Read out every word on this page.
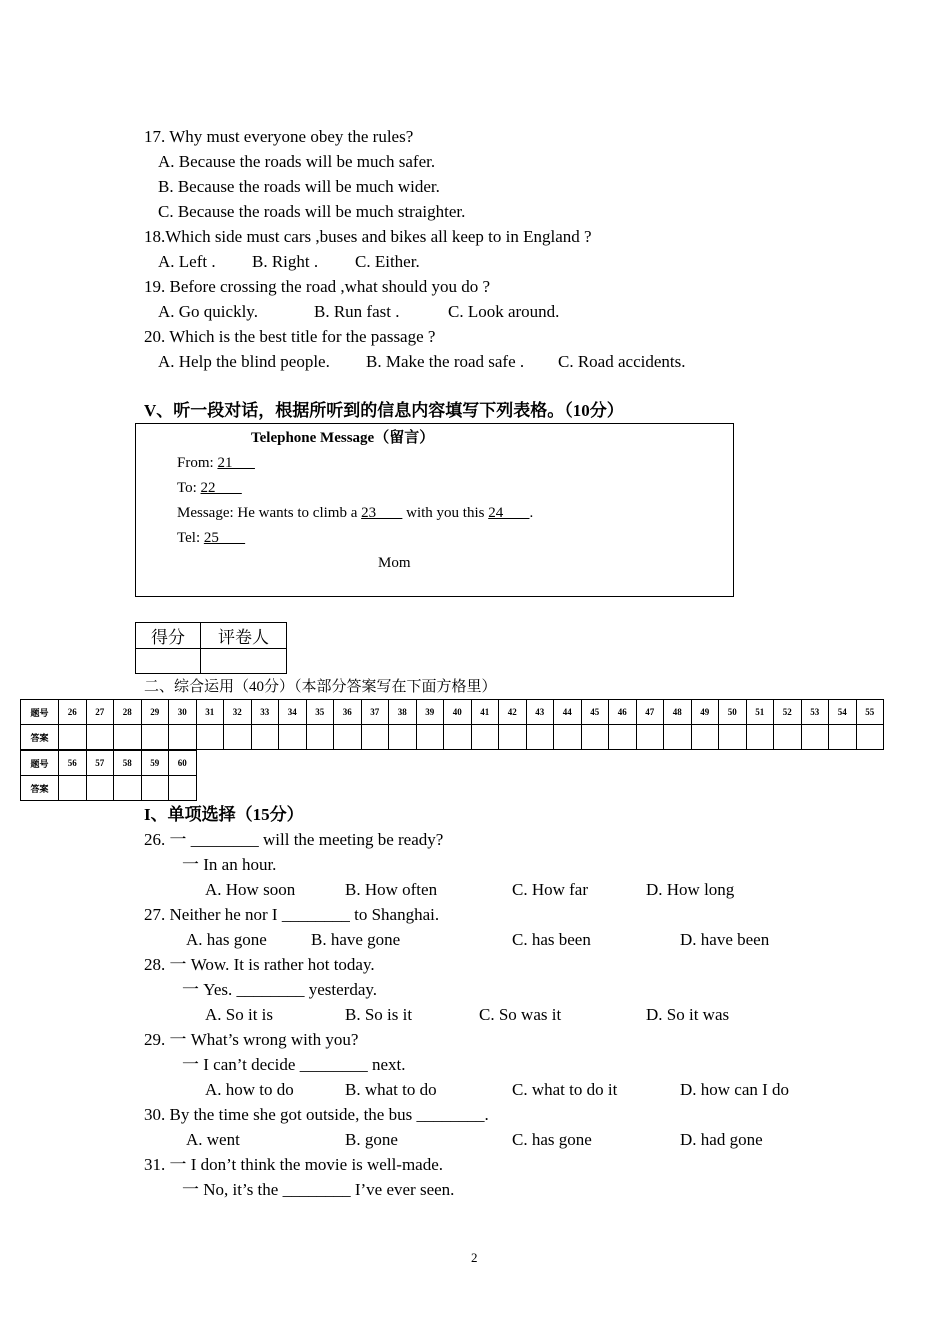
17. Why must everyone obey the rules?
A. Because the roads will be much safer.
B. Because the roads will be much wider.
C. Because the roads will be much straighter.
18.Which side must cars ,buses and bikes all keep to in England ?
A. Left . B. Right . C. Either.
19. Before crossing the road ,what should you do ?
A. Go quickly.	B. Run fast .	C. Look around.
20. Which is the best title for the passage ?
A. Help the blind people. B. Make the road safe . C. Road accidents.
V、听一段对话，根据所听到的信息内容填写下列表格。（10分）
Telephone Message（留言）
From: 21
To: 22
Message: He wants to climb a 23        with you this 24       .
Tel: 25
Mom
得分	评卷人

二、综合运用（40分）（本部分答案写在下面方格里）
题号	26	27	28	29	30	31	32	33	34	35	36	37	38	39	40	41	42	43	44	45	46	47	48	49	50	51	52	53	54	55
答案																														
题号	56	57	58	59	60
答案					
I、单项选择（15分）
26. 一 ________ will the meeting be ready?
一 In an hour.
A. How soon	B. How often	C. How far	D. How long
27. Neither he nor I ________ to Shanghai.
A. has gone	B. have gone	C. has been	D. have been
28. 一 Wow. It is rather hot today.
一 Yes. ________ yesterday.
A. So it is	B. So is it	C. So was it	D. So it was
29. 一 What’s wrong with you?
一 I can’t decide ________ next.
A. how to do	B. what to do	C. what to do it	D. how can I do
30. By the time she got outside, the bus ________.
A. went	B. gone	C. has gone	D. had gone
31. 一 I don’t think the movie is well-made.
一 No, it’s the ________ I’ve ever seen.
2
